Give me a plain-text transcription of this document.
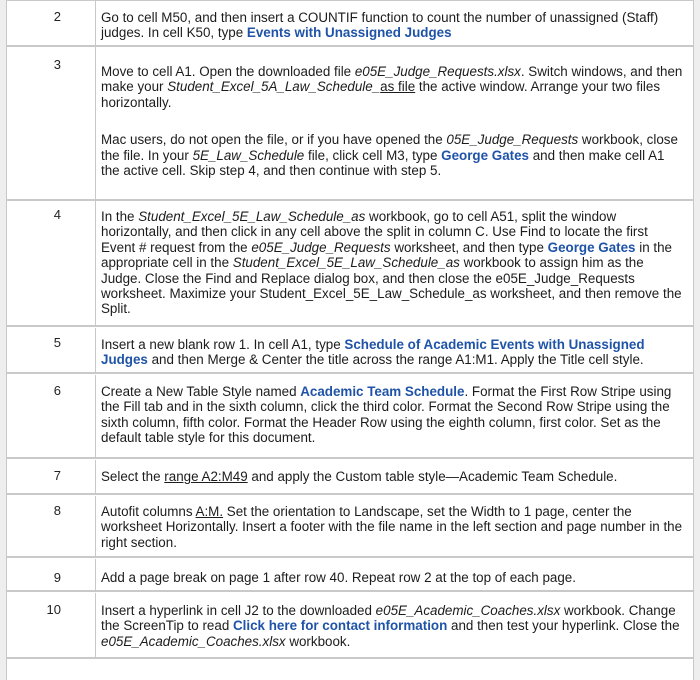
2	Go to cell M50, and then insert a COUNTIF function to count the number of unassigned (Staff) judges. In cell K50, type Events with Unassigned Judges

3	Move to cell A1. Open the downloaded file e05E_Judge_Requests.xlsx. Switch windows, and then make your Student_Excel_5A_Law_Schedule_as file the active window. Arrange your two files horizontally.

Mac users, do not open the file, or if you have opened the 05E_Judge_Requests workbook, close the file. In your 5E_Law_Schedule file, click cell M3, type George Gates and then make cell A1 the active cell. Skip step 4, and then continue with step 5.

4	In the Student_Excel_5E_Law_Schedule_as workbook, go to cell A51, split the window horizontally, and then click in any cell above the split in column C. Use Find to locate the first Event # request from the e05E_Judge_Requests worksheet, and then type George Gates in the appropriate cell in the Student_Excel_5E_Law_Schedule_as workbook to assign him as the Judge. Close the Find and Replace dialog box, and then close the e05E_Judge_Requests worksheet. Maximize your Student_Excel_5E_Law_Schedule_as worksheet, and then remove the Split.

5	Insert a new blank row 1. In cell A1, type Schedule of Academic Events with Unassigned Judges and then Merge & Center the title across the range A1:M1. Apply the Title cell style.

6	Create a New Table Style named Academic Team Schedule. Format the First Row Stripe using the Fill tab and in the sixth column, click the third color. Format the Second Row Stripe using the sixth column, fifth color. Format the Header Row using the eighth column, first color. Set as the default table style for this document.

7	Select the range A2:M49 and apply the Custom table style—Academic Team Schedule.

8	Autofit columns A:M. Set the orientation to Landscape, set the Width to 1 page, center the worksheet Horizontally. Insert a footer with the file name in the left section and page number in the right section.

9	Add a page break on page 1 after row 40. Repeat row 2 at the top of each page.

10	Insert a hyperlink in cell J2 to the downloaded e05E_Academic_Coaches.xlsx workbook. Change the ScreenTip to read Click here for contact information and then test your hyperlink. Close the e05E_Academic_Coaches.xlsx workbook.
